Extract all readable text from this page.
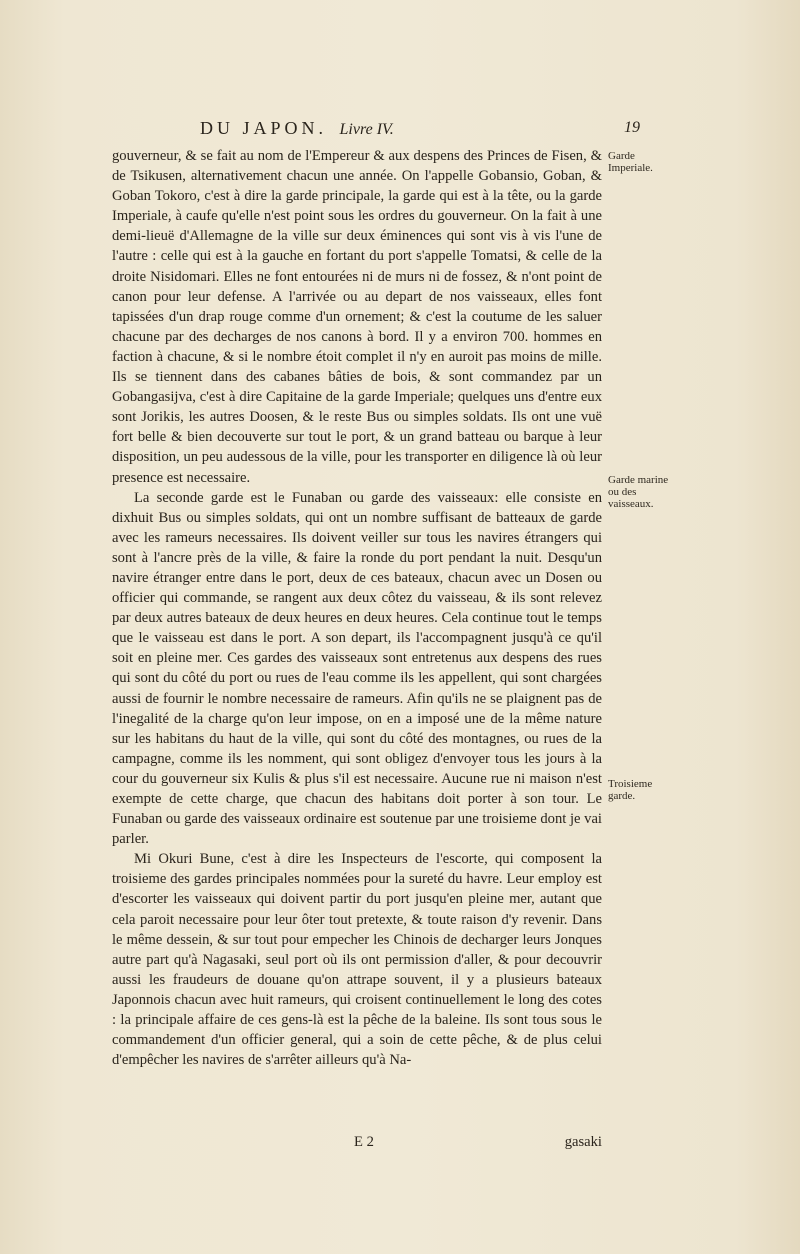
DU JAPON. Livre IV.	19

gouverneur, & se fait au nom de l'Empereur & aux despens des Princes de Fisen, & de Tsikusen, alternativement chacun une année. On l'appelle Gobansio, Goban, & Goban Tokoro, c'est à dire la garde principale, la garde qui est à la tête, ou la garde Imperiale, à caufe qu'elle n'est point sous les ordres du gouverneur. On la fait à une demi-lieuë d'Allemagne de la ville sur deux éminences qui sont vis à vis l'une de l'autre : celle qui est à la gauche en fortant du port s'appelle Tomatsi, & celle de la droite Nisidomari. Elles ne font entourées ni de murs ni de fossez, & n'ont point de canon pour leur defense. A l'arrivée ou au depart de nos vaisseaux, elles font tapissées d'un drap rouge comme d'un ornement; & c'est la coutume de les saluer chacune par des decharges de nos canons à bord. Il y a environ 700. hommes en faction à chacune, & si le nombre étoit complet il n'y en auroit pas moins de mille. Ils se tiennent dans des cabanes bâties de bois, & sont commandez par un Gobangasijva, c'est à dire Capitaine de la garde Imperiale; quelques uns d'entre eux sont Jorikis, les autres Doosen, & le reste Bus ou simples soldats. Ils ont une vuë fort belle & bien decouverte sur tout le port, & un grand batteau ou barque à leur disposition, un peu audessous de la ville, pour les transporter en diligence là où leur presence est necessaire.

La seconde garde est le Funaban ou garde des vaisseaux: elle consiste en dixhuit Bus ou simples soldats, qui ont un nombre suffisant de batteaux de garde avec les rameurs necessaires. Ils doivent veiller sur tous les navires étrangers qui sont à l'ancre près de la ville, & faire la ronde du port pendant la nuit. Desqu'un navire étranger entre dans le port, deux de ces bateaux, chacun avec un Dosen ou officier qui commande, se rangent aux deux côtez du vaisseau, & ils sont relevez par deux autres bateaux de deux heures en deux heures. Cela continue tout le temps que le vaisseau est dans le port. A son depart, ils l'accompagnent jusqu'à ce qu'il soit en pleine mer. Ces gardes des vaisseaux sont entretenus aux despens des rues qui sont du côté du port ou rues de l'eau comme ils les appellent, qui sont chargées aussi de fournir le nombre necessaire de rameurs. Afin qu'ils ne se plaignent pas de l'inegalité de la charge qu'on leur impose, on en a imposé une de la même nature sur les habitans du haut de la ville, qui sont du côté des montagnes, ou rues de la campagne, comme ils les nomment, qui sont obligez d'envoyer tous les jours à la cour du gouverneur six Kulis & plus s'il est necessaire. Aucune rue ni maison n'est exempte de cette charge, que chacun des habitans doit porter à son tour. Le Funaban ou garde des vaisseaux ordinaire est soutenue par une troisieme dont je vai parler.

Mi Okuri Bune, c'est à dire les Inspecteurs de l'escorte, qui composent la troisieme des gardes principales nommées pour la sureté du havre. Leur employ est d'escorter les vaisseaux qui doivent partir du port jusqu'en pleine mer, autant que cela paroit necessaire pour leur ôter tout pretexte, & toute raison d'y revenir. Dans le même dessein, & sur tout pour empecher les Chinois de decharger leurs Jonques autre part qu'à Nagasaki, seul port où ils ont permission d'aller, & pour decouvrir aussi les fraudeurs de douane qu'on attrape souvent, il y a plusieurs bateaux Japonnois chacun avec huit rameurs, qui croisent continuellement le long des cotes : la principale affaire de ces gens-là est la pêche de la baleine. Ils sont tous sous le commandement d'un officier general, qui a soin de cette pêche, & de plus celui d'empêcher les navires de s'arrêter ailleurs qu'à Na-

Garde Imperiale.
Garde marine ou des vaisseaux.
Troisieme garde.
E 2	gasaki
